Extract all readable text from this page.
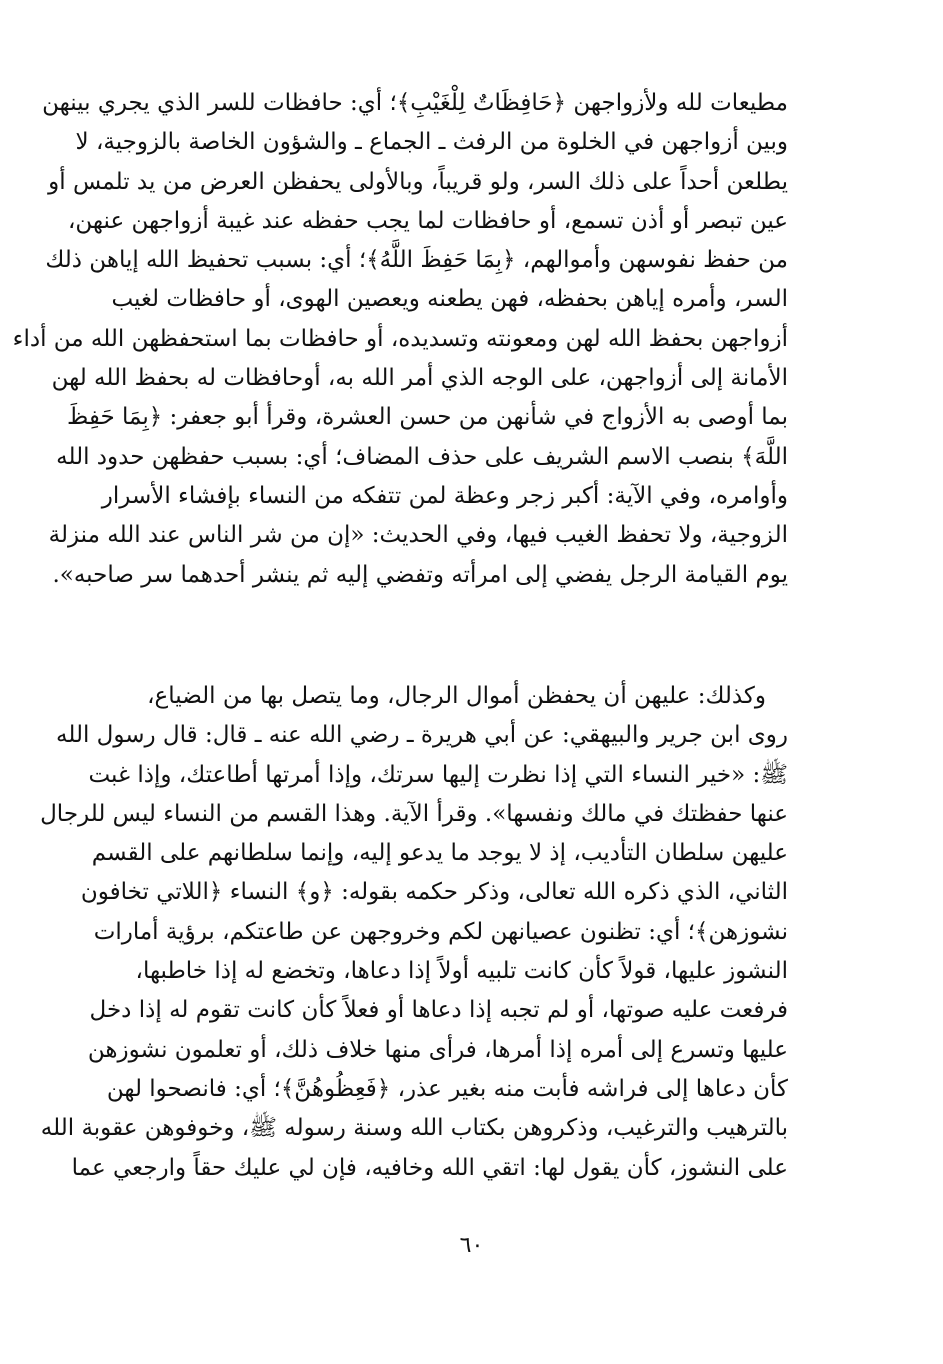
مطيعات لله ولأزواجهن ﴿حَافِظَاتٌ لِلْغَيْبِ﴾؛ أي: حافظات للسر الذي يجري بينهن
وبين أزواجهن في الخلوة من الرفث ـ الجماع ـ والشؤون الخاصة بالزوجية، لا
يطلعن أحداً على ذلك السر، ولو قريباً، وبالأولى يحفظن العرض من يد تلمس أو
عين تبصر أو أذن تسمع، أو حافظات لما يجب حفظه عند غيبة أزواجهن عنهن،
من حفظ نفوسهن وأموالهم، ﴿بِمَا حَفِظَ اللَّهُ﴾؛ أي: بسبب تحفيظ الله إياهن ذلك
السر، وأمره إياهن بحفظه، فهن يطعنه ويعصين الهوى، أو حافظات لغيب
أزواجهن بحفظ الله لهن ومعونته وتسديده، أو حافظات بما استحفظهن الله من أداء
الأمانة إلى أزواجهن، على الوجه الذي أمر الله به، أوحافظات له بحفظ الله لهن
بما أوصى به الأزواج في شأنهن من حسن العشرة، وقرأ أبو جعفر: ﴿بِمَا حَفِظَ
اللَّهَ﴾ بنصب الاسم الشريف على حذف المضاف؛ أي: بسبب حفظهن حدود الله
وأوامره، وفي الآية: أكبر زجر وعظة لمن تتفكه من النساء بإفشاء الأسرار
الزوجية، ولا تحفظ الغيب فيها، وفي الحديث: «إن من شر الناس عند الله منزلة
يوم القيامة الرجل يفضي إلى امرأته وتفضي إليه ثم ينشر أحدهما سر صاحبه».
وكذلك: عليهن أن يحفظن أموال الرجال، وما يتصل بها من الضياع،
روى ابن جرير والبيهقي: عن أبي هريرة ـ رضي الله عنه ـ قال: قال رسول الله
ﷺ: «خير النساء التي إذا نظرت إليها سرتك، وإذا أمرتها أطاعتك، وإذا غبت
عنها حفظتك في مالك ونفسها». وقرأ الآية. وهذا القسم من النساء ليس للرجال
عليهن سلطان التأديب، إذ لا يوجد ما يدعو إليه، وإنما سلطانهم على القسم
الثاني، الذي ذكره الله تعالى، وذكر حكمه بقوله: ﴿و﴾ النساء ﴿اللاتي تخافون
نشوزهن﴾؛ أي: تظنون عصيانهن لكم وخروجهن عن طاعتكم، برؤية أمارات
النشوز عليها، قولاً كأن كانت تلبيه أولاً إذا دعاها، وتخضع له إذا خاطبها،
فرفعت عليه صوتها، أو لم تجبه إذا دعاها أو فعلاً كأن كانت تقوم له إذا دخل
عليها وتسرع إلى أمره إذا أمرها، فرأى منها خلاف ذلك، أو تعلمون نشوزهن
كأن دعاها إلى فراشه فأبت منه بغير عذر، ﴿فَعِظُوهُنَّ﴾؛ أي: فانصحوا لهن
بالترهيب والترغيب، وذكروهن بكتاب الله وسنة رسوله ﷺ، وخوفوهن عقوبة الله
على النشوز، كأن يقول لها: اتقي الله وخافيه، فإن لي عليك حقاً وارجعي عما
٦٠
